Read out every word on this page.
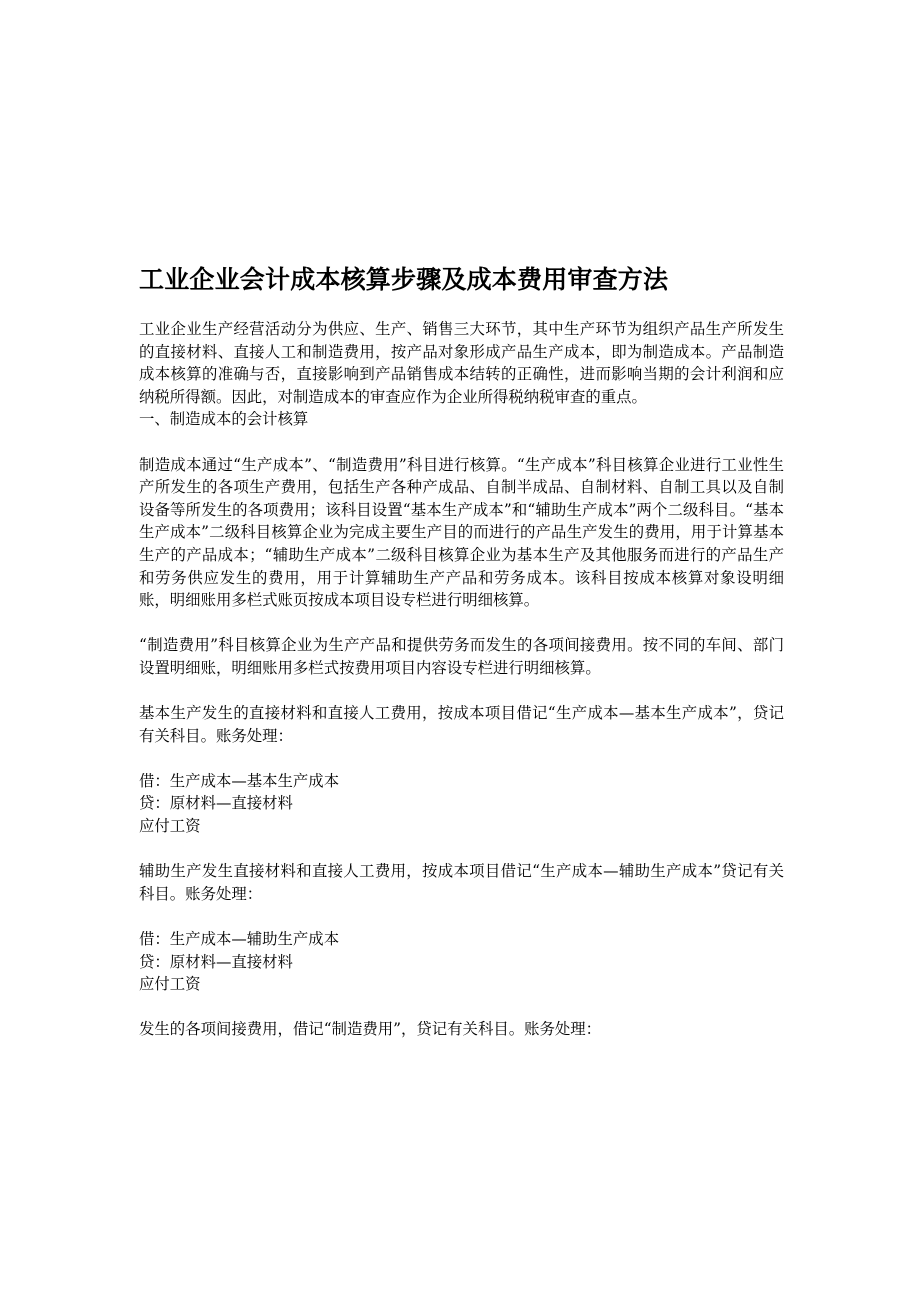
工业企业会计成本核算步骤及成本费用审查方法

工业企业生产经营活动分为供应、生产、销售三大环节，其中生产环节为组织产品生产所发生的直接材料、直接人工和制造费用，按产品对象形成产品生产成本，即为制造成本。产品制造成本核算的准确与否，直接影响到产品销售成本结转的正确性，进而影响当期的会计利润和应纳税所得额。因此，对制造成本的审查应作为企业所得税纳税审查的重点。

一、制造成本的会计核算

制造成本通过“生产成本”、“制造费用”科目进行核算。“生产成本”科目核算企业进行工业性生产所发生的各项生产费用，包括生产各种产成品、自制半成品、自制材料、自制工具以及自制设备等所发生的各项费用；该科目设置“基本生产成本”和“辅助生产成本”两个二级科目。“基本生产成本”二级科目核算企业为完成主要生产目的而进行的产品生产发生的费用，用于计算基本生产的产品成本；“辅助生产成本”二级科目核算企业为基本生产及其他服务而进行的产品生产和劳务供应发生的费用，用于计算辅助生产产品和劳务成本。该科目按成本核算对象设明细账，明细账用多栏式账页按成本项目设专栏进行明细核算。

“制造费用”科目核算企业为生产产品和提供劳务而发生的各项间接费用。按不同的车间、部门设置明细账，明细账用多栏式按费用项目内容设专栏进行明细核算。

基本生产发生的直接材料和直接人工费用，按成本项目借记“生产成本—基本生产成本”，贷记有关科目。账务处理：

借：生产成本—基本生产成本

贷：原材料—直接材料

应付工资

辅助生产发生直接材料和直接人工费用，按成本项目借记“生产成本—辅助生产成本”贷记有关科目。账务处理：

借：生产成本—辅助生产成本

贷：原材料—直接材料

应付工资

发生的各项间接费用，借记“制造费用”，贷记有关科目。账务处理：
